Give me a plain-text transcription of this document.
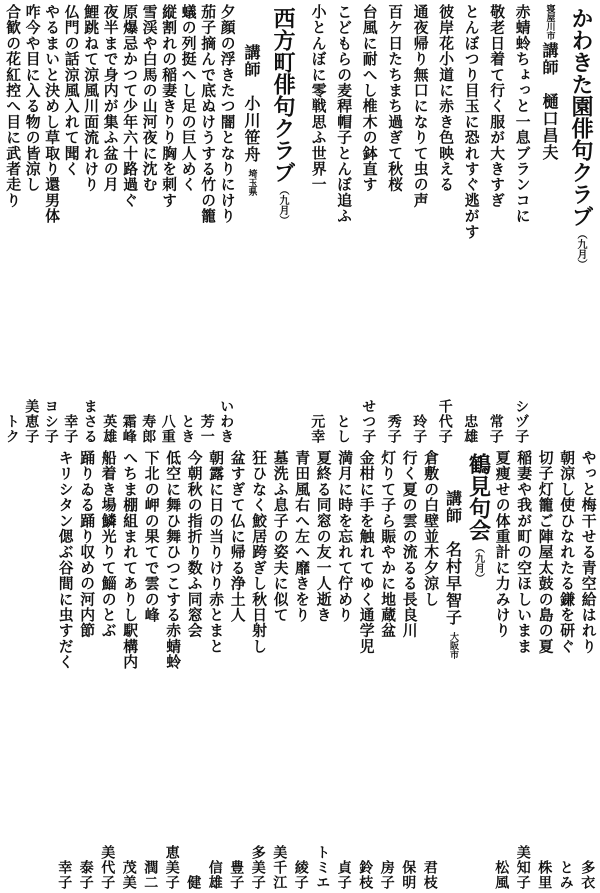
かわきた園俳句クラブ
（九月）
寝屋川市
講師　樋口昌夫
赤蜻蛉ちょっと一息ブランコに
シヅ子
敬老日着て行く服が大きすぎ
常子
とんぼつり目玉に恐れすぐ逃がす
忠雄
彼岸花小道に赤き色映える
千代子
通夜帰り無口になりて虫の声
玲子
百ケ日たちまち過ぎて秋桜
秀子
台風に耐へし椎木の鉢直す
せつ子
こどもらの麦稈帽子とんぼ追ふ
とし
小とんぼに零戦思ふ世界一
元幸
西方町俳句クラブ
（九月）
講師　小川笹舟
埼玉県
夕顔の浮きたつ闇となりにけり
いわき
茄子摘んで底ぬけうする竹の籠
芳一
蟻の列挺へし足の巨人めく
とき
縦割れの稲妻きりり胸を刺す
八重
雪渓や白馬の山河夜に沈む
寿郎
原爆忌かつて少年六十路過ぐ
霜峰
夜半まで身内が集ふ盆の月
英雄
鯉跳ねて涼風川面流れけり
まさる
仏門の話涼風入れて聞く
幸子
やるまいと決めし草取り還男体
ヨシ子
咋今や目に入る物の皆涼し
美恵子
合歓の花紅控へ目に武者走り
トク
やっと梅干せる青空給はれり
多衣
朝涼し使ひなれたる鎌を研ぐ
とみ
切子灯籠ご陣屋太鼓の島の夏
株里
稲妻や我が町の空ほしいまま
美知子
夏痩せの体重計に力みけり
松風
鶴見句会
（九月）
講師　名村早智子
大阪市
倉敷の白壁並木夕涼し
君枝
行く夏の雲の流るる長良川
保明
灯りて子ら賑やかに地蔵盆
房子
金柑に手を触れてゆく通学児
鈴枝
満月に時を忘れて佇めり
貞子
夏終る同窓の友一人逝き
トミエ
青田風右へ左へ靡きをり
綾子
墓洗ふ息子の姿夫に似て
美千江
狂ひなく鮫居跨ぎし秋日射し
多美子
盆すぎて仏に帰る浄土人
豊子
朝露に日の当りけり赤とまと
信雄
今朝秋の指折り数ふ同窓会
健
低空に舞ひ舞ひつこする赤蜻蛉
恵美子
下北の岬の果てで雲の峰
潤二
へちま棚組まれてありし駅構内
茂美
船着き場鱗光りて鯔のとぶ
美代子
踊りゐる踊り収めの河内節
泰子
キリシタン偲ぶ谷間に虫すだく
幸子
